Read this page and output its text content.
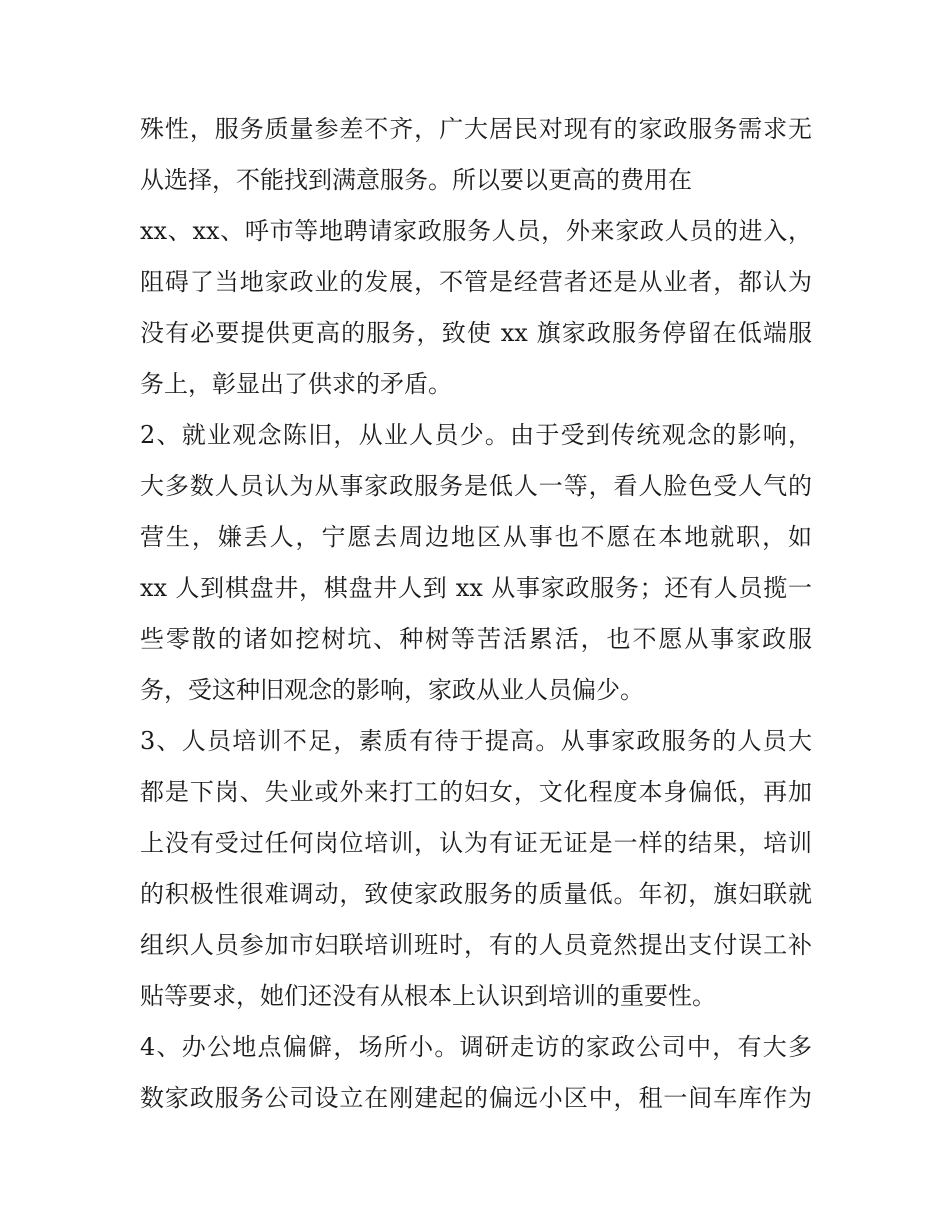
殊性，服务质量参差不齐，广大居民对现有的家政服务需求无
从选择，不能找到满意服务。所以要以更高的费用在
xx、xx、呼市等地聘请家政服务人员，外来家政人员的进入，
阻碍了当地家政业的发展，不管是经营者还是从业者，都认为
没有必要提供更高的服务，致使 xx 旗家政服务停留在低端服
务上，彰显出了供求的矛盾。
2、就业观念陈旧，从业人员少。由于受到传统观念的影响，
大多数人员认为从事家政服务是低人一等，看人脸色受人气的
营生，嫌丢人，宁愿去周边地区从事也不愿在本地就职，如
xx 人到棋盘井，棋盘井人到 xx 从事家政服务；还有人员揽一
些零散的诸如挖树坑、种树等苦活累活，也不愿从事家政服
务，受这种旧观念的影响，家政从业人员偏少。
3、人员培训不足，素质有待于提高。从事家政服务的人员大
都是下岗、失业或外来打工的妇女，文化程度本身偏低，再加
上没有受过任何岗位培训，认为有证无证是一样的结果，培训
的积极性很难调动，致使家政服务的质量低。年初，旗妇联就
组织人员参加市妇联培训班时，有的人员竟然提出支付误工补
贴等要求，她们还没有从根本上认识到培训的重要性。
4、办公地点偏僻，场所小。调研走访的家政公司中，有大多
数家政服务公司设立在刚建起的偏远小区中，租一间车库作为
